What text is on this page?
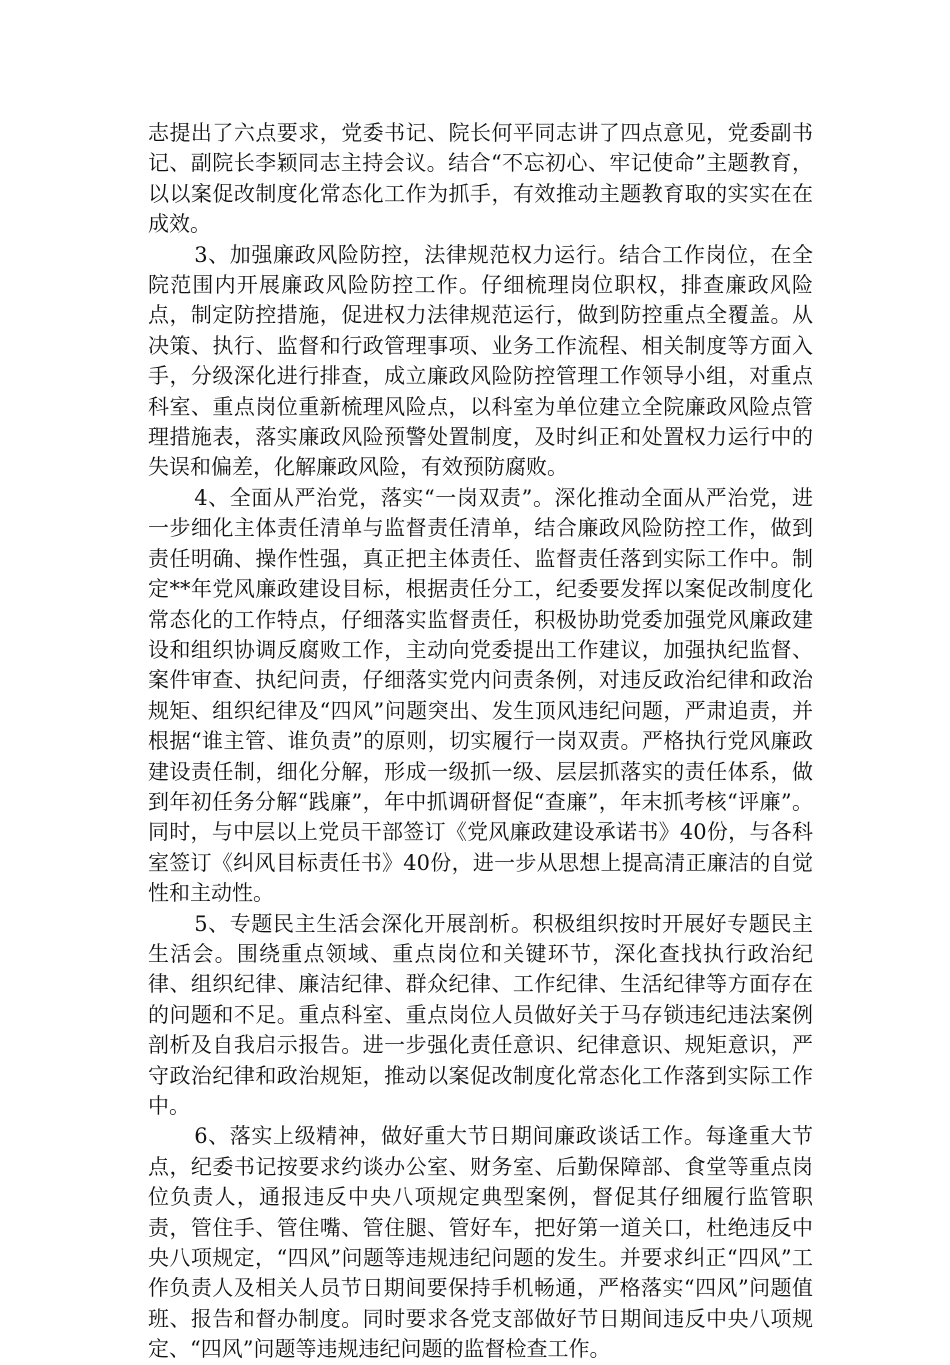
志提出了六点要求，党委书记、院长何平同志讲了四点意见，党委副书记、副院长李颖同志主持会议。结合“不忘初心、牢记使命”主题教育，以以案促改制度化常态化工作为抓手，有效推动主题教育取的实实在在成效。

3、加强廉政风险防控，法律规范权力运行。结合工作岗位，在全院范围内开展廉政风险防控工作。仔细梳理岗位职权，排查廉政风险点，制定防控措施，促进权力法律规范运行，做到防控重点全覆盖。从决策、执行、监督和行政管理事项、业务工作流程、相关制度等方面入手，分级深化进行排查，成立廉政风险防控管理工作领导小组，对重点科室、重点岗位重新梳理风险点，以科室为单位建立全院廉政风险点管理措施表，落实廉政风险预警处置制度，及时纠正和处置权力运行中的失误和偏差，化解廉政风险，有效预防腐败。

4、全面从严治党，落实“一岗双责”。深化推动全面从严治党，进一步细化主体责任清单与监督责任清单，结合廉政风险防控工作，做到责任明确、操作性强，真正把主体责任、监督责任落到实际工作中。制定**年党风廉政建设目标，根据责任分工，纪委要发挥以案促改制度化常态化的工作特点，仔细落实监督责任，积极协助党委加强党风廉政建设和组织协调反腐败工作，主动向党委提出工作建议，加强执纪监督、案件审查、执纪问责，仔细落实党内问责条例，对违反政治纪律和政治规矩、组织纪律及“四风”问题突出、发生顶风违纪问题，严肃追责，并根据“谁主管、谁负责”的原则，切实履行一岗双责。严格执行党风廉政建设责任制，细化分解，形成一级抓一级、层层抓落实的责任体系，做到年初任务分解“践廉”，年中抓调研督促“查廉”，年末抓考核“评廉”。同时，与中层以上党员干部签订《党风廉政建设承诺书》40份，与各科室签订《纠风目标责任书》40份，进一步从思想上提高清正廉洁的自觉性和主动性。

5、专题民主生活会深化开展剖析。积极组织按时开展好专题民主生活会。围绕重点领域、重点岗位和关键环节，深化查找执行政治纪律、组织纪律、廉洁纪律、群众纪律、工作纪律、生活纪律等方面存在的问题和不足。重点科室、重点岗位人员做好关于马存锁违纪违法案例剖析及自我启示报告。进一步强化责任意识、纪律意识、规矩意识，严守政治纪律和政治规矩，推动以案促改制度化常态化工作落到实际工作中。

6、落实上级精神，做好重大节日期间廉政谈话工作。每逢重大节点，纪委书记按要求约谈办公室、财务室、后勤保障部、食堂等重点岗位负责人，通报违反中央八项规定典型案例，督促其仔细履行监管职责，管住手、管住嘴、管住腿、管好车，把好第一道关口，杜绝违反中央八项规定，“四风”问题等违规违纪问题的发生。并要求纠正“四风”工作负责人及相关人员节日期间要保持手机畅通，严格落实“四风”问题值班、报告和督办制度。同时要求各党支部做好节日期间违反中央八项规定、“四风”问题等违规违纪问题的监督检查工作。
